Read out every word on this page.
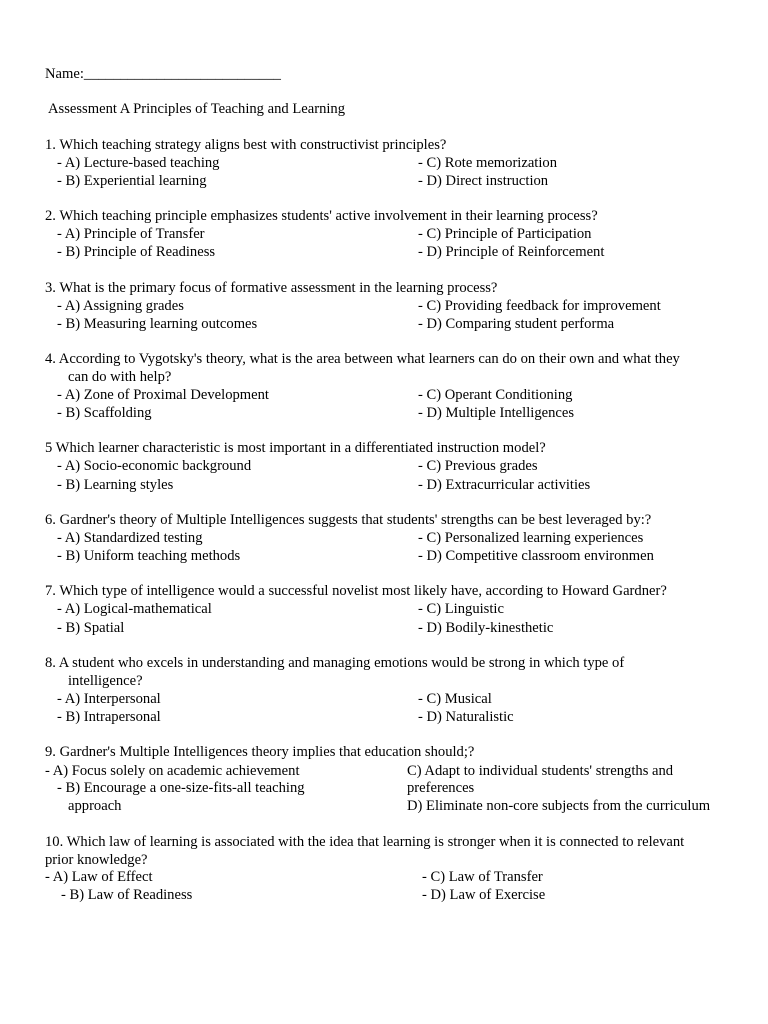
Name:___________________________
Assessment A Principles of Teaching and Learning
1. Which teaching strategy aligns best with constructivist principles?
- A) Lecture-based teaching
- B) Experiential learning
- C) Rote memorization
- D) Direct instruction
2. Which teaching principle emphasizes students' active involvement in their learning process?
- A) Principle of Transfer
- B) Principle of Readiness
- C) Principle of Participation
- D) Principle of Reinforcement
3. What is the primary focus of formative assessment in the learning process?
- A) Assigning grades
- B) Measuring learning outcomes
- C) Providing feedback for improvement
- D) Comparing student performa
4. According to Vygotsky's theory, what is the area between what learners can do on their own and what they
can do with help?
- A) Zone of Proximal Development
- B) Scaffolding
- C) Operant Conditioning
- D) Multiple Intelligences
5 Which learner characteristic is most important in a differentiated instruction model?
- A) Socio-economic background
- B) Learning styles
- C) Previous grades
- D) Extracurricular activities
6. Gardner's theory of Multiple Intelligences suggests that students' strengths can be best leveraged by:?
- A) Standardized testing
- B) Uniform teaching methods
- C) Personalized learning experiences
- D) Competitive classroom environmen
7. Which type of intelligence would a successful novelist most likely have, according to Howard Gardner?
- A) Logical-mathematical
- B) Spatial
- C) Linguistic
- D) Bodily-kinesthetic
8. A student who excels in understanding and managing emotions would be strong in which type of
intelligence?
- A) Interpersonal
- B) Intrapersonal
- C) Musical
- D) Naturalistic
9. Gardner's Multiple Intelligences theory implies that education should;?
- A) Focus solely on academic achievement
- B) Encourage a one-size-fits-all teaching
approach
C) Adapt to individual students' strengths and
preferences
D) Eliminate non-core subjects from the curriculum
10. Which law of learning is associated with the idea that learning is stronger when it is connected to relevant
prior knowledge?
- A) Law of Effect
- B) Law of Readiness
- C) Law of Transfer
- D) Law of Exercise
